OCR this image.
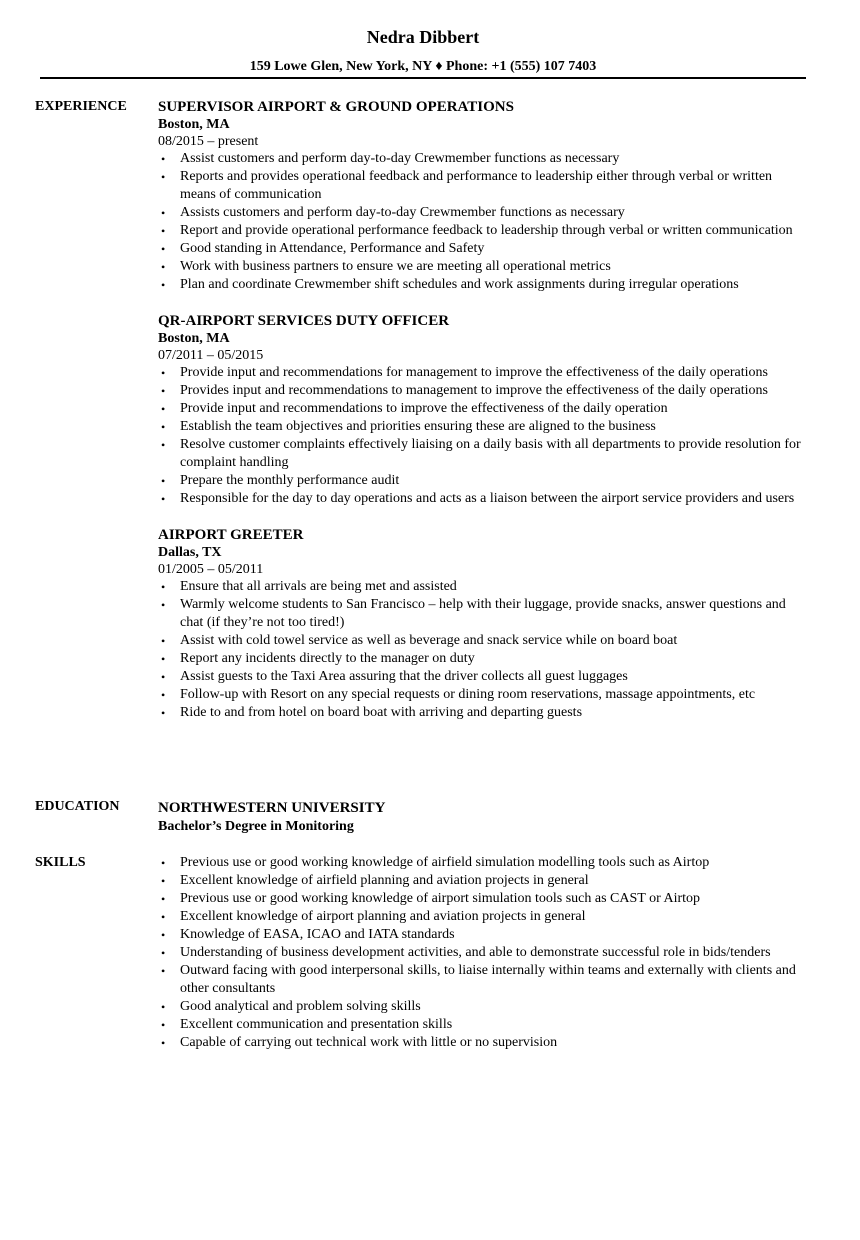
Nedra Dibbert
159 Lowe Glen, New York, NY ♦ Phone: +1 (555) 107 7403
EXPERIENCE SUPERVISOR AIRPORT & GROUND OPERATIONS
Boston, MA
08/2015 – present
• Assist customers and perform day-to-day Crewmember functions as necessary
• Reports and provides operational feedback and performance to leadership either through verbal or written means of communication
• Assists customers and perform day-to-day Crewmember functions as necessary
• Report and provide operational performance feedback to leadership through verbal or written communication
• Good standing in Attendance, Performance and Safety
• Work with business partners to ensure we are meeting all operational metrics
• Plan and coordinate Crewmember shift schedules and work assignments during irregular operations
QR-AIRPORT SERVICES DUTY OFFICER
Boston, MA
07/2011 – 05/2015
• Provide input and recommendations for management to improve the effectiveness of the daily operations
• Provides input and recommendations to management to improve the effectiveness of the daily operations
• Provide input and recommendations to improve the effectiveness of the daily operation
• Establish the team objectives and priorities ensuring these are aligned to the business
• Resolve customer complaints effectively liaising on a daily basis with all departments to provide resolution for complaint handling
• Prepare the monthly performance audit
• Responsible for the day to day operations and acts as a liaison between the airport service providers and users
AIRPORT GREETER
Dallas, TX
01/2005 – 05/2011
• Ensure that all arrivals are being met and assisted
• Warmly welcome students to San Francisco – help with their luggage, provide snacks, answer questions and chat (if they’re not too tired!)
• Assist with cold towel service as well as beverage and snack service while on board boat
• Report any incidents directly to the manager on duty
• Assist guests to the Taxi Area assuring that the driver collects all guest luggages
• Follow-up with Resort on any special requests or dining room reservations, massage appointments, etc
• Ride to and from hotel on board boat with arriving and departing guests
EDUCATION	NORTHWESTERN UNIVERSITY
Bachelor’s Degree in Monitoring
SKILLS	• Previous use or good working knowledge of airfield simulation modelling tools such as Airtop
• Excellent knowledge of airfield planning and aviation projects in general
• Previous use or good working knowledge of airport simulation tools such as CAST or Airtop
• Excellent knowledge of airport planning and aviation projects in general
• Knowledge of EASA, ICAO and IATA standards
• Understanding of business development activities, and able to demonstrate successful role in bids/tenders
• Outward facing with good interpersonal skills, to liaise internally within teams and externally with clients and other consultants
• Good analytical and problem solving skills
• Excellent communication and presentation skills
• Capable of carrying out technical work with little or no supervision
